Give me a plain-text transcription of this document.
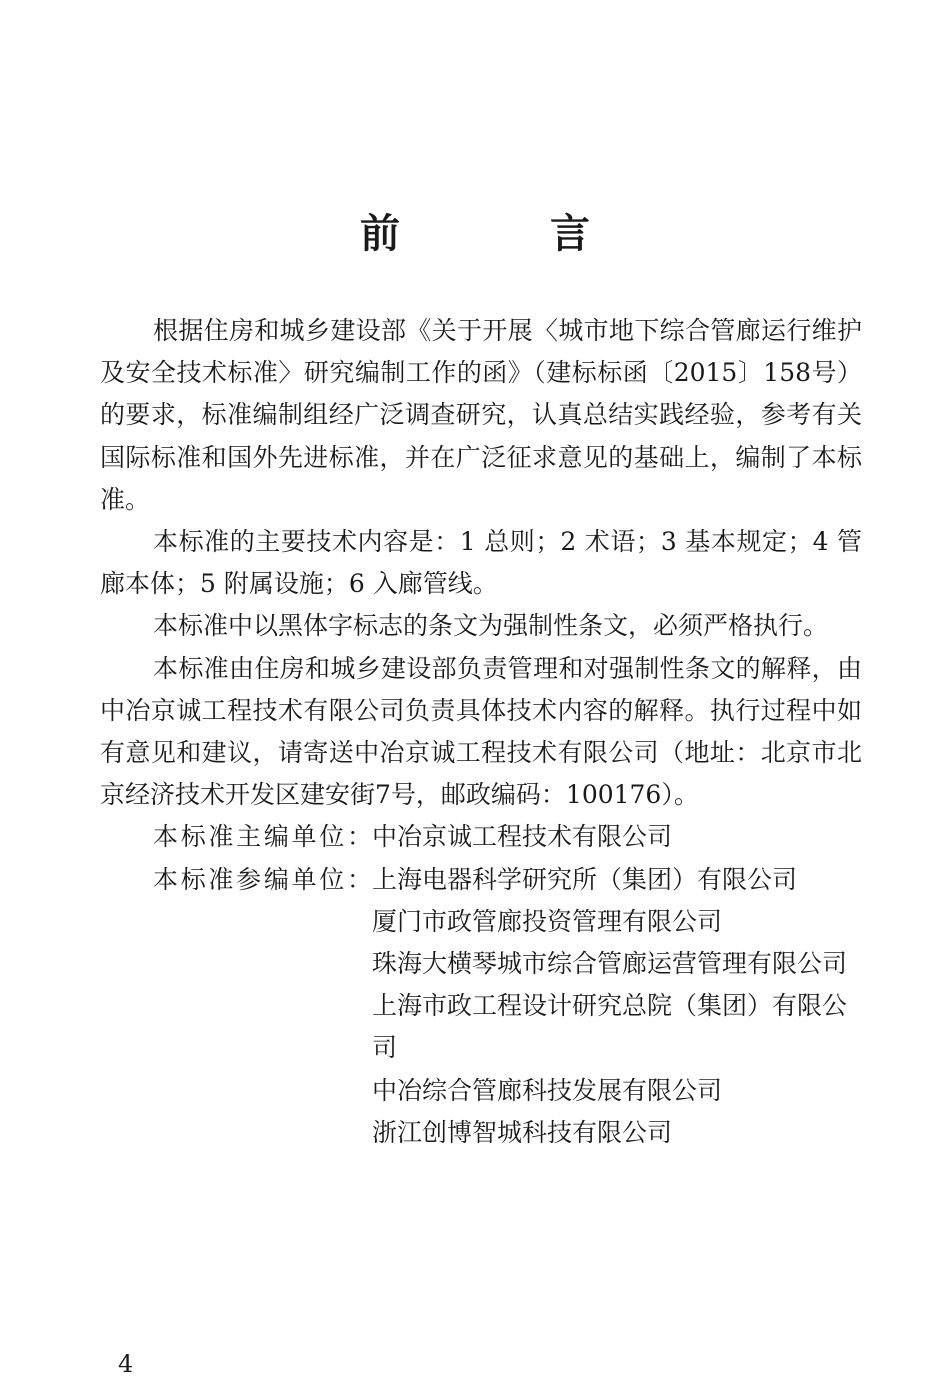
前 言

根据住房和城乡建设部《关于开展〈城市地下综合管廊运行维护及安全技术标准〉研究编制工作的函》（建标标函〔2015〕158号）的要求，标准编制组经广泛调查研究，认真总结实践经验，参考有关国际标准和国外先进标准，并在广泛征求意见的基础上，编制了本标准。

本标准的主要技术内容是：1 总则；2 术语；3 基本规定；4 管廊本体；5 附属设施；6 入廊管线。

本标准中以黑体字标志的条文为强制性条文，必须严格执行。

本标准由住房和城乡建设部负责管理和对强制性条文的解释，由中冶京诚工程技术有限公司负责具体技术内容的解释。执行过程中如有意见和建议，请寄送中冶京诚工程技术有限公司（地址：北京市北京经济技术开发区建安街7号，邮政编码：100176）。

本标准主编单位： 中冶京诚工程技术有限公司
本标准参编单位： 上海电器科学研究所（集团）有限公司
厦门市政管廊投资管理有限公司
珠海大横琴城市综合管廊运营管理有限公司
上海市政工程设计研究总院（集团）有限公司
中冶综合管廊科技发展有限公司
浙江创博智城科技有限公司

4
